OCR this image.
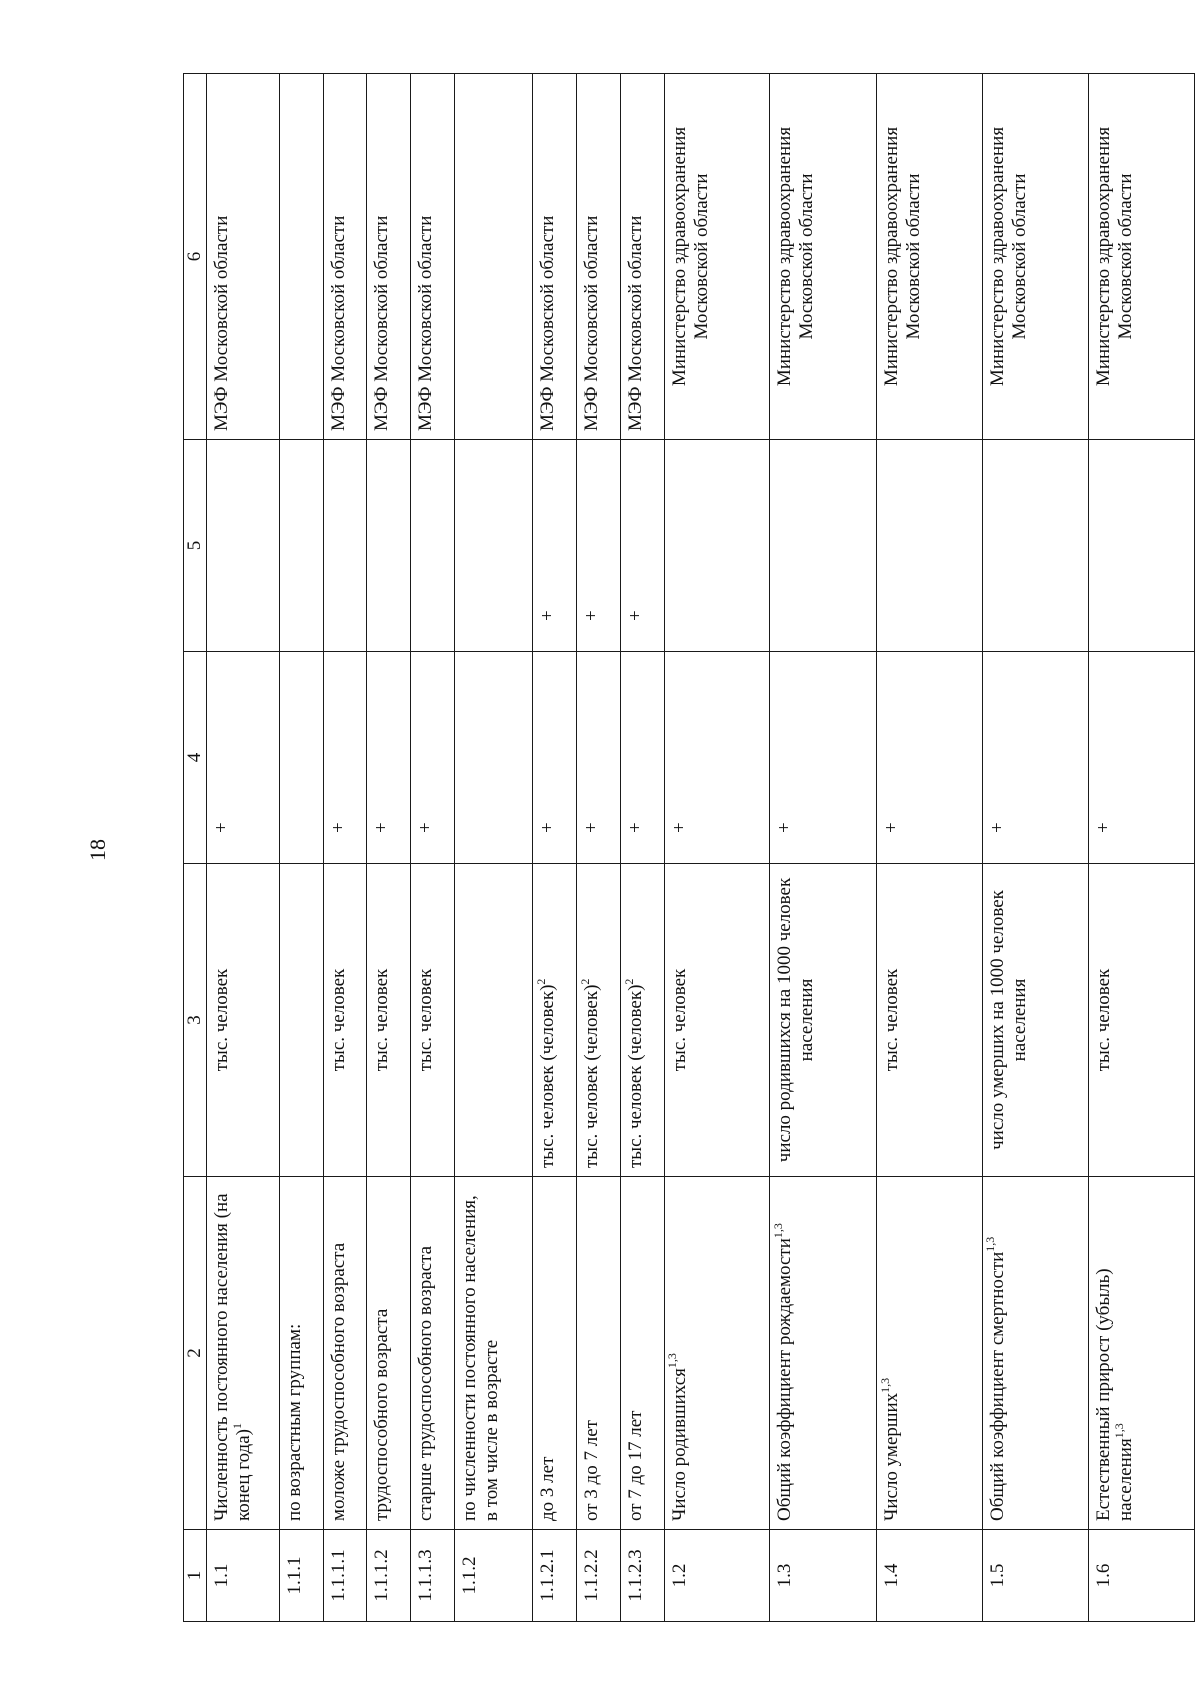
18
1	2	3	4	5	6
1.1	Численность постоянного населения (на конец года)$^1$	тыс. человек	+		МЭФ Московской области
1.1.1	по возрастным группам:				
1.1.1.1	моложе трудоспособного возраста	тыс. человек	+		МЭФ Московской области
1.1.1.2	трудоспособного возраста	тыс. человек	+		МЭФ Московской области
1.1.1.3	старше трудоспособного возраста	тыс. человек	+		МЭФ Московской области
1.1.2	по численности постоянного населения, в том числе в возрасте				
1.1.2.1	до 3 лет	тыс. человек (человек)$^2$	+	+	МЭФ Московской области
1.1.2.2	от 3 до 7 лет	тыс. человек (человек)$^2$	+	+	МЭФ Московской области
1.1.2.3	от 7 до 17 лет	тыс. человек (человек)$^2$	+	+	МЭФ Московской области
1.2	Число родившихся$^{1,3}$	тыс. человек	+		Министерство здравоохранения Московской области
1.3	Общий коэффициент рождаемости$^{1,3}$	число родившихся на 1000 человек населения	+		Министерство здравоохранения Московской области
1.4	Число умерших$^{1,3}$	тыс. человек	+		Министерство здравоохранения Московской области
1.5	Общий коэффициент смертности$^{1,3}$	число умерших на 1000 человек населения	+		Министерство здравоохранения Московской области
1.6	Естественный прирост (убыль) населения$^{1,3}$	тыс. человек	+		Министерство здравоохранения Московской области
